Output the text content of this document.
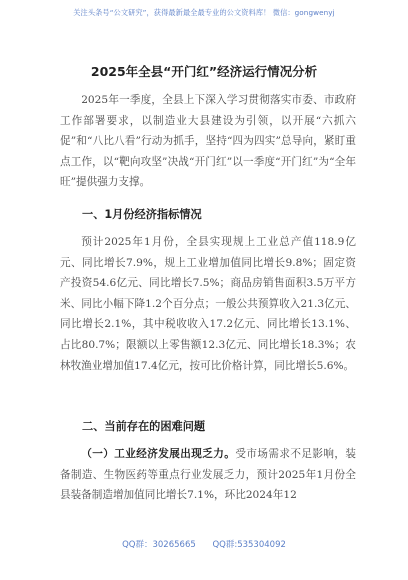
关注头条号“公文研究”，获得最新最全最专业的公文资料库！ 微信：gongwenyj
2025年全县“开门红”经济运行情况分析

2025年一季度，全县上下深入学习贯彻落实市委、市政府工作部署要求，以制造业大县建设为引领，以开展“六抓六促”和“八比八看”行动为抓手，坚持“四为四实”总导向，紧盯重点工作，以“靶向攻坚”决战“开门红”以一季度“开门红”为“全年旺”提供强力支撑。

一、1月份经济指标情况

预计2025年1月份，全县实现规上工业总产值118.9亿元、同比增长7.9%，规上工业增加值同比增长9.8%；固定资产投资54.6亿元、同比增长7.5%；商品房销售面积3.5万平方米、同比小幅下降1.2个百分点；一般公共预算收入21.3亿元、同比增长2.1%，其中税收收入17.2亿元、同比增长13.1%、占比80.7%；限额以上零售额12.3亿元、同比增长18.3%；农林牧渔业增加值17.4亿元，按可比价格计算，同比增长5.6%。

二、当前存在的困难问题

（一）工业经济发展出现乏力。受市场需求不足影响，装备制造、生物医药等重点行业发展乏力，预计2025年1月份全县装备制造增加值同比增长7.1%，环比2024年12

QQ群：30265665 QQ群:535304092
